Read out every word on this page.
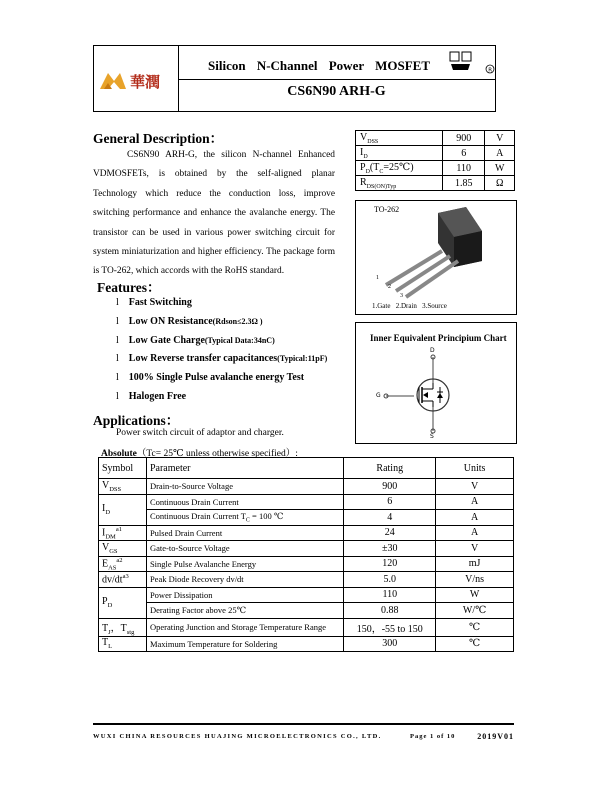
華潤
Silicon N-Channel Power MOSFET	R
CS6N90 ARH-G
General Description：
CS6N90 ARH-G, the silicon N-channel Enhanced VDMOSFETs, is obtained by the self-aligned planar Technology which reduce the conduction loss, improve switching performance and enhance the avalanche energy. The transistor can be used in various power switching circuit for system miniaturization and higher efficiency. The package form is TO-262, which accords with the RoHS standard.
$V_{DSS}$	900	V
$I_D$	6	A
$P_D(T_C=25℃)$	110	W
$R_{DS(ON)Typ}$	1.85	Ω
TO-262
1
2
3
1.Gate   2.Drain   3.Source
Inner Equivalent Principium Chart
D
G
S
Features：
l Fast Switching
l Low ON Resistance(Rdson≤2.3Ω )
l Low Gate Charge(Typical Data:34nC)
l Low Reverse transfer capacitances(Typical:11pF)
l 100% Single Pulse avalanche energy Test
l Halogen Free
Applications：
Power switch circuit of adaptor and charger.
Absolute（Tc= 25℃ unless otherwise specified）:
Symbol	Parameter	Rating	Units
$V_{DSS}$	Drain-to-Source Voltage	900	V
$I_D$	Continuous Drain Current	6	A
	Continuous Drain Current $T_C = 100$ ℃	4	A
$I_{DM}^{a1}$	Pulsed Drain Current	24	A
$V_{GS}$	Gate-to-Source Voltage	±30	V
$E_{AS}^{a2}$	Single Pulse Avalanche Energy	120	mJ
$dv/dt^{a3}$	Peak Diode Recovery dv/dt	5.0	V/ns
$P_D$	Power Dissipation	110	W
	Derating Factor above 25℃	0.88	W/℃
$T_J$，$T_{stg}$	Operating Junction and Storage Temperature Range	150，-55 to 150	℃
$T_L$	Maximum Temperature for Soldering	300	℃
WUXI CHINA RESOURCES HUAJING MICROELECTRONICS CO., LTD.	Page 1 of 10	2019V01
